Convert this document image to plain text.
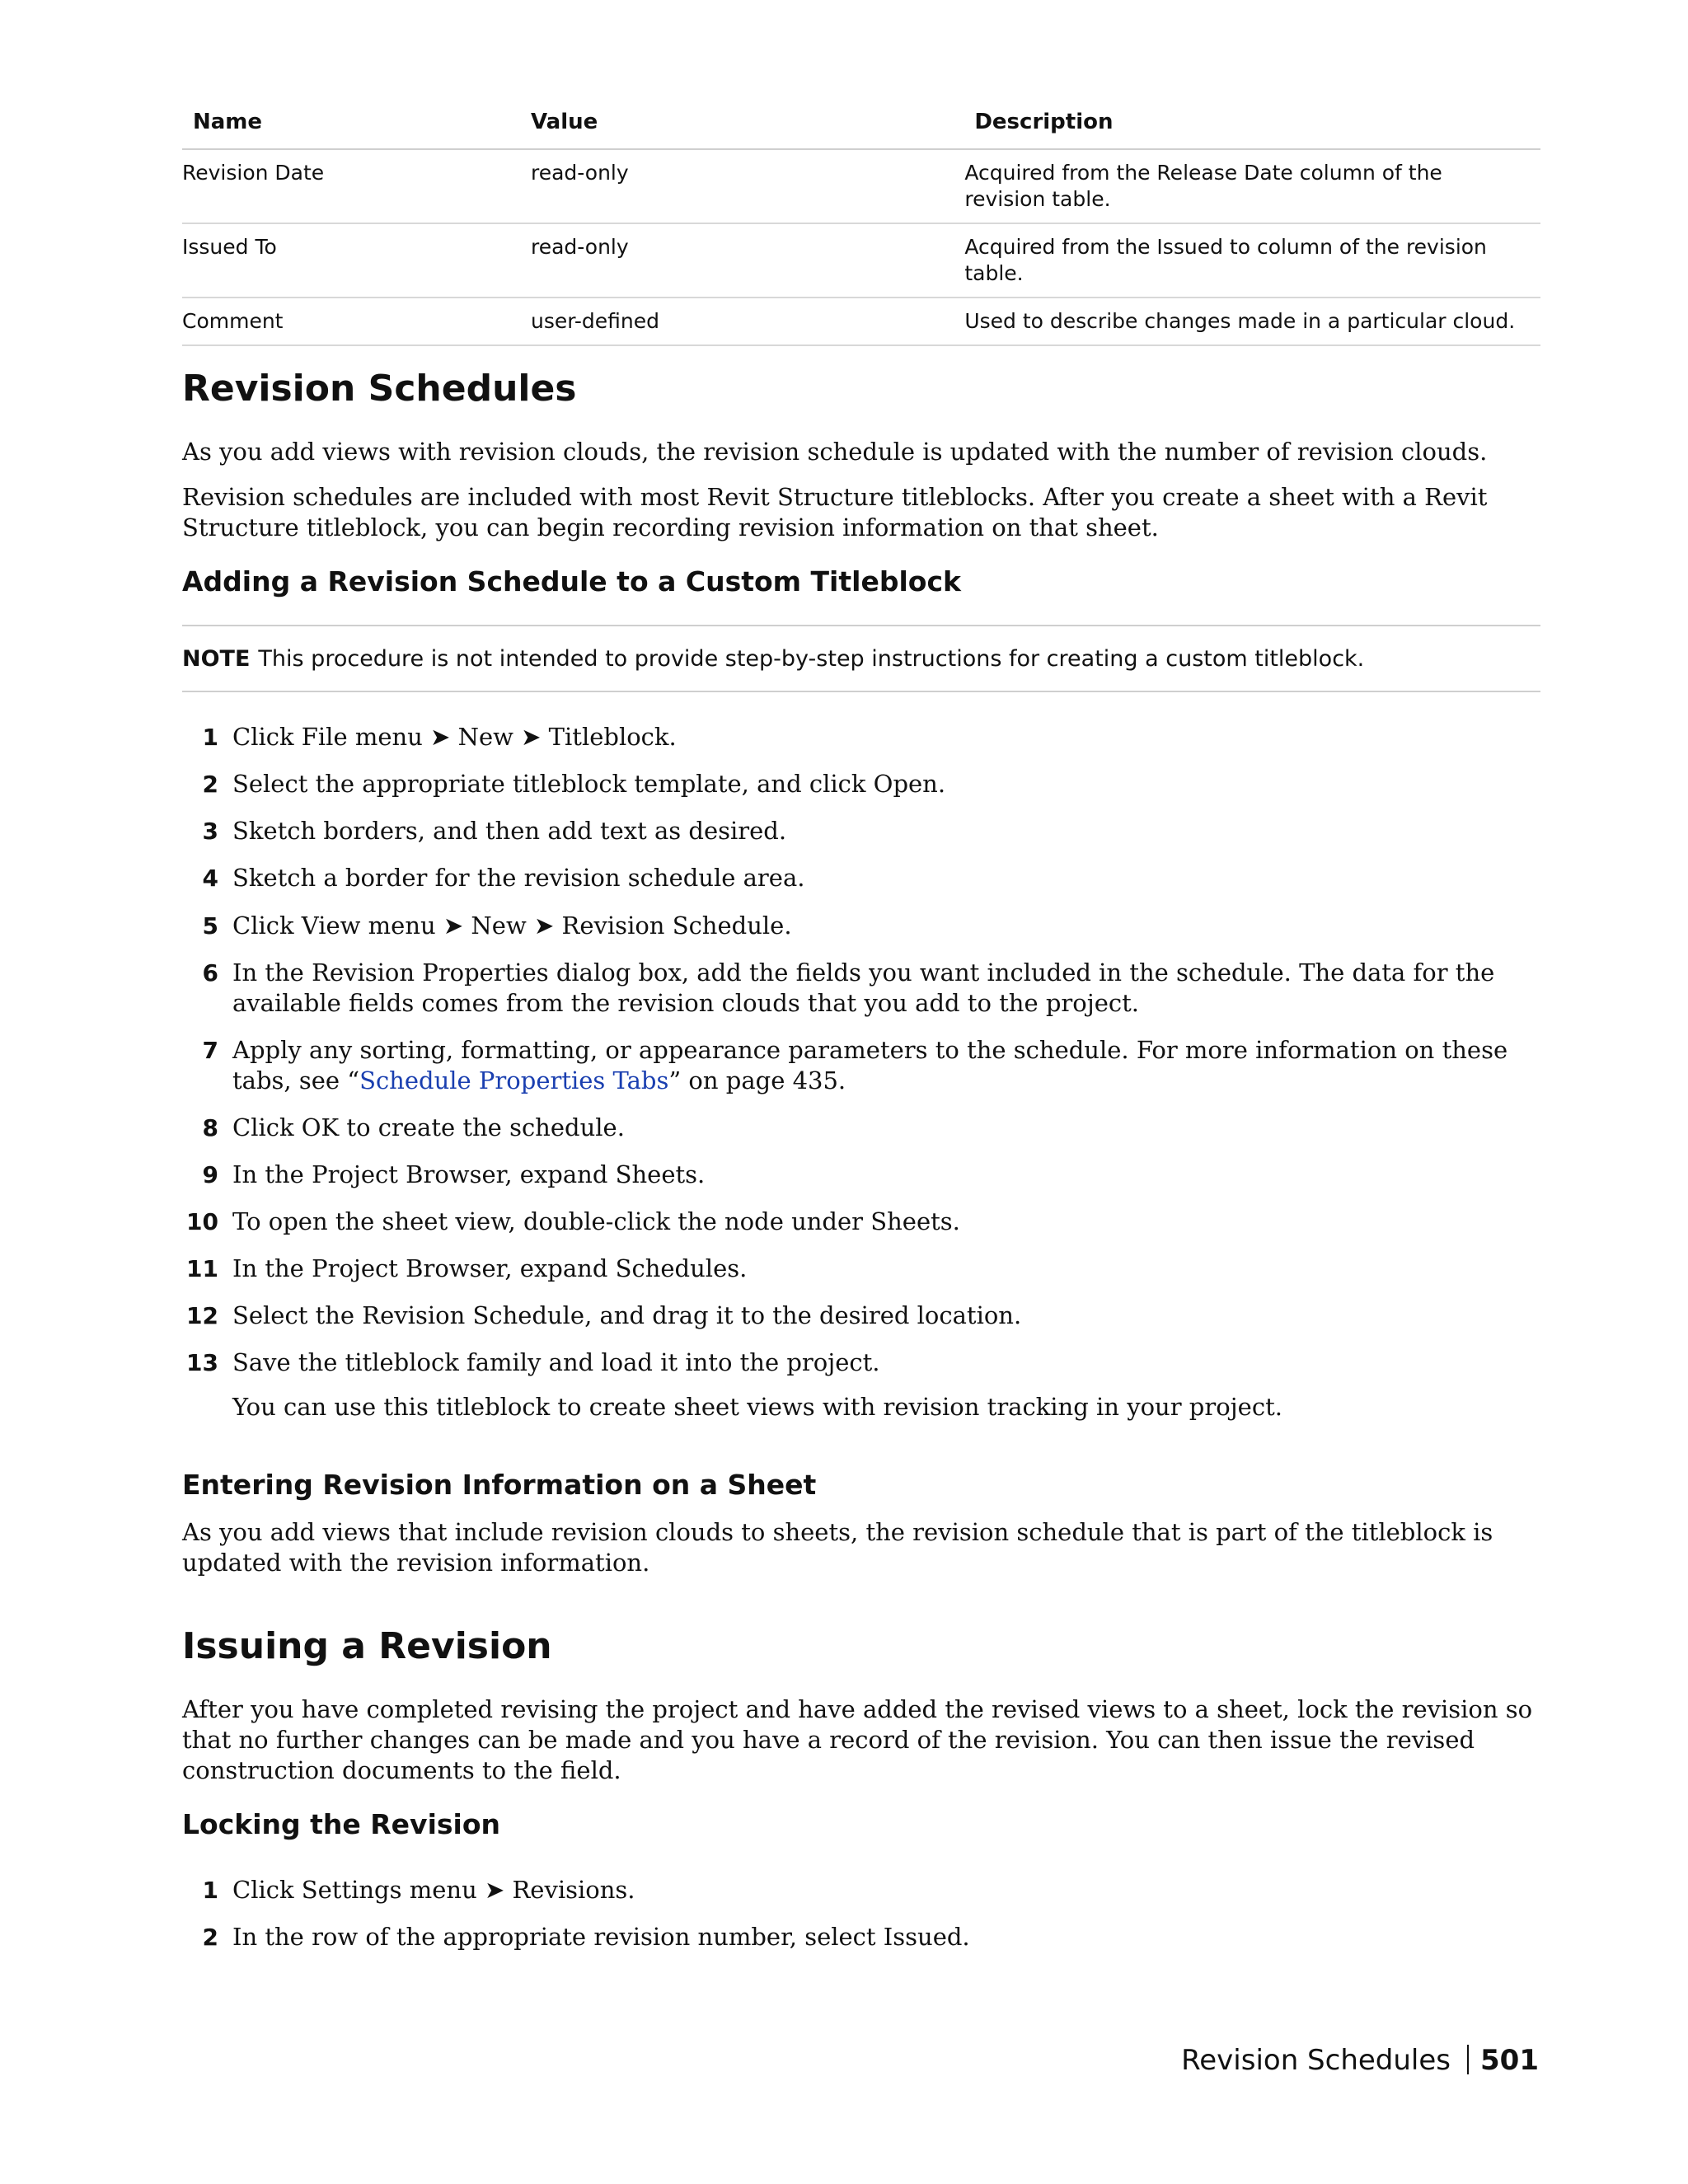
Name	Value	Description
Revision Date	read-only	Acquired from the Release Date column of the revision table.
Issued To	read-only	Acquired from the Issued to column of the revision table.
Comment	user-defined	Used to describe changes made in a particular cloud.
Revision Schedules

As you add views with revision clouds, the revision schedule is updated with the number of revision clouds.

Revision schedules are included with most Revit Structure titleblocks. After you create a sheet with a Revit Structure titleblock, you can begin recording revision information on that sheet.

Adding a Revision Schedule to a Custom Titleblock
NOTE This procedure is not intended to provide step-by-step instructions for creating a custom titleblock.
1 Click File menu ➤ New ➤ Titleblock.
2 Select the appropriate titleblock template, and click Open.
3 Sketch borders, and then add text as desired.
4 Sketch a border for the revision schedule area.
5 Click View menu ➤ New ➤ Revision Schedule.
6 In the Revision Properties dialog box, add the fields you want included in the schedule. The data for the available fields comes from the revision clouds that you add to the project.
7 Apply any sorting, formatting, or appearance parameters to the schedule. For more information on these tabs, see “Schedule Properties Tabs” on page 435.
8 Click OK to create the schedule.
9 In the Project Browser, expand Sheets.
10 To open the sheet view, double-click the node under Sheets.
11 In the Project Browser, expand Schedules.
12 Select the Revision Schedule, and drag it to the desired location.
13 Save the titleblock family and load it into the project.
You can use this titleblock to create sheet views with revision tracking in your project.
Entering Revision Information on a Sheet

As you add views that include revision clouds to sheets, the revision schedule that is part of the titleblock is updated with the revision information.

Issuing a Revision

After you have completed revising the project and have added the revised views to a sheet, lock the revision so that no further changes can be made and you have a record of the revision. You can then issue the revised construction documents to the field.

Locking the Revision
1 Click Settings menu ➤ Revisions.
2 In the row of the appropriate revision number, select Issued.
Revision Schedules 501
